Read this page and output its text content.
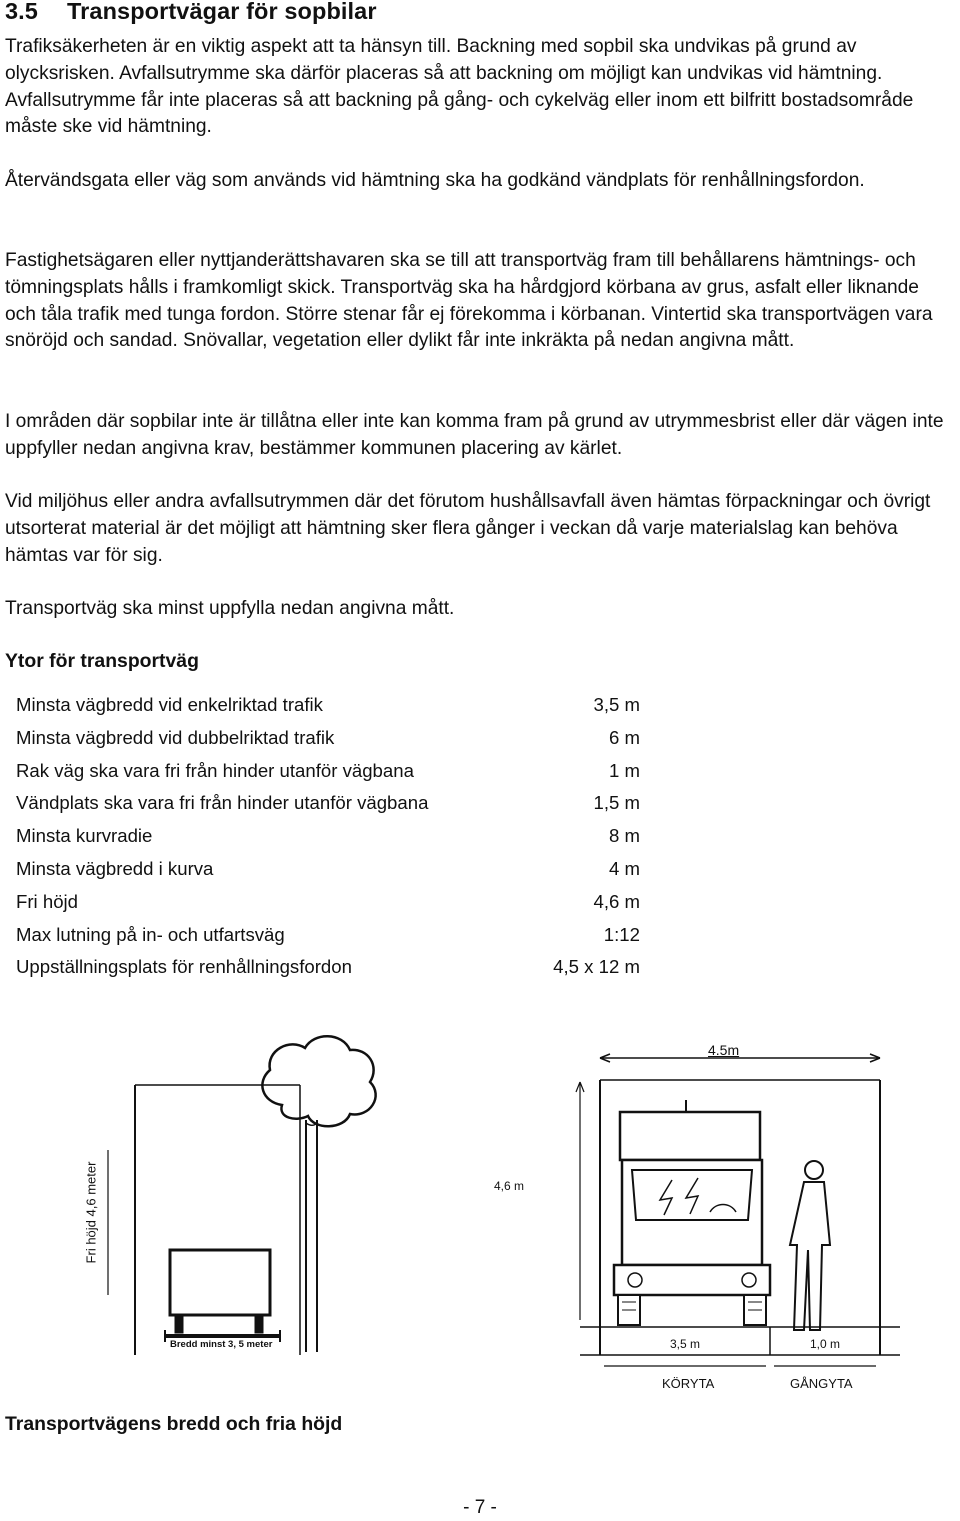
3.5 Transportvägar för sopbilar

Trafiksäkerheten är en viktig aspekt att ta hänsyn till. Backning med sopbil ska undvikas på grund av olycksrisken. Avfallsutrymme ska därför placeras så att backning om möjligt kan undvikas vid hämtning. Avfallsutrymme får inte placeras så att backning på gång- och cykelväg eller inom ett bilfritt bostadsområde måste ske vid hämtning.

Återvändsgata eller väg som används vid hämtning ska ha godkänd vändplats för renhållningsfordon.

Fastighetsägaren eller nyttjanderättshavaren ska se till att transportväg fram till behållarens hämtnings- och tömningsplats hålls i framkomligt skick. Transportväg ska ha hårdgjord körbana av grus, asfalt eller liknande och tåla trafik med tunga fordon. Större stenar får ej förekomma i körbanan. Vintertid ska transportvägen vara snöröjd och sandad. Snövallar, vegetation eller dylikt får inte inkräkta på nedan angivna mått.

I områden där sopbilar inte är tillåtna eller inte kan komma fram på grund av utrymmesbrist eller där vägen inte uppfyller nedan angivna krav, bestämmer kommunen placering av kärlet.

Vid miljöhus eller andra avfallsutrymmen där det förutom hushållsavfall även hämtas förpackningar och övrigt utsorterat material är det möjligt att hämtning sker flera gånger i veckan då varje materialslag kan behöva hämtas var för sig.

Transportväg ska minst uppfylla nedan angivna mått.

Ytor för transportväg
Minsta vägbredd vid enkelriktad trafik	3,5 m
Minsta vägbredd vid dubbelriktad trafik	6 m
Rak väg ska vara fri från hinder utanför vägbana	1 m
Vändplats ska vara fri från hinder utanför vägbana	1,5 m
Minsta kurvradie	8 m
Minsta vägbredd i kurva	4 m
Fri höjd	4,6 m
Max lutning på in- och utfartsväg	1:12
Uppställningsplats för renhållningsfordon	4,5 x 12 m
Fri höjd 4,6 meter
Bredd minst 3, 5 meter
4.5m
4,6 m
3,5 m	1,0 m
KÖRYTA	GÅNGYTA

Transportvägens bredd och fria höjd

- 7 -
